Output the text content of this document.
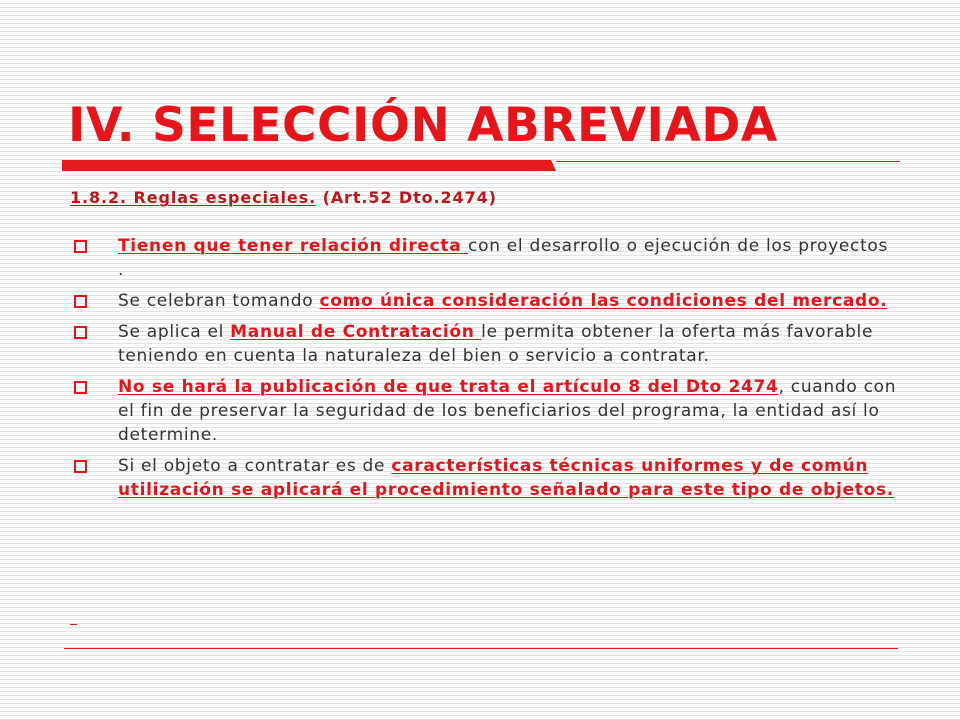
IV. SELECCIÓN ABREVIADA
1.8.2. Reglas especiales. (Art.52 Dto.2474)
Tienen que tener relación directa con el desarrollo o ejecución de los proyectos .
Se celebran tomando como única consideración las condiciones del mercado.
Se aplica el Manual de Contratación le permita obtener la oferta más favorable teniendo en cuenta la naturaleza del bien o servicio a contratar.
No se hará la publicación de que trata el artículo 8 del Dto 2474, cuando con el fin de preservar la seguridad de los beneficiarios del programa, la entidad así lo determine.
Si el objeto a contratar es de características técnicas uniformes y de común utilización se aplicará el procedimiento señalado para este tipo de objetos.
